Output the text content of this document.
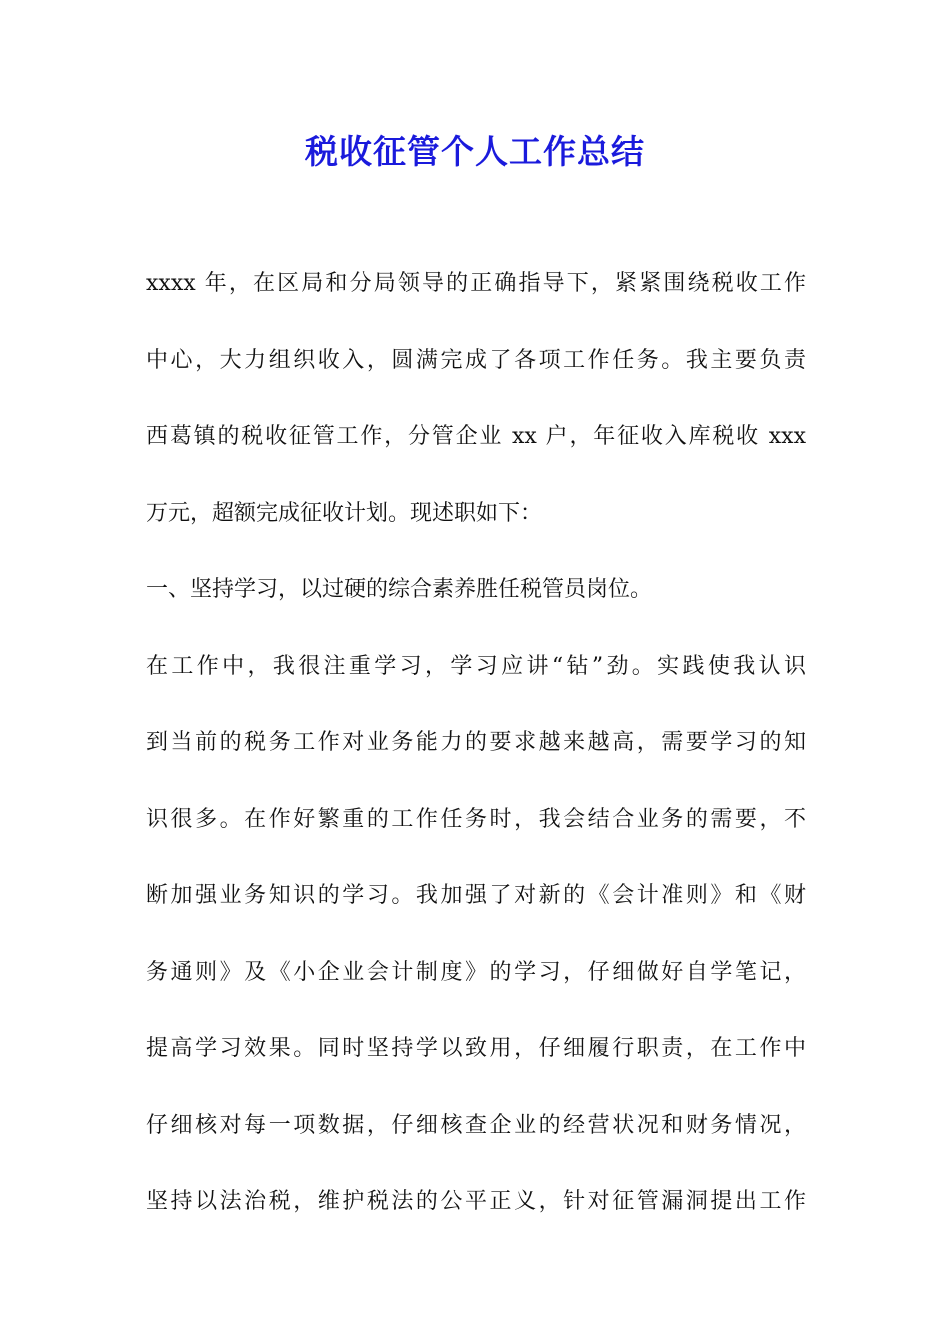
税收征管个人工作总结
xxxx 年，在区局和分局领导的正确指导下，紧紧围绕税收工作
中心，大力组织收入，圆满完成了各项工作任务。我主要负责
西葛镇的税收征管工作，分管企业 xx 户，年征收入库税收 xxx
万元，超额完成征收计划。现述职如下：
一、坚持学习，以过硬的综合素养胜任税管员岗位。
在工作中，我很注重学习，学习应讲“钻”劲。实践使我认识
到当前的税务工作对业务能力的要求越来越高，需要学习的知
识很多。在作好繁重的工作任务时，我会结合业务的需要，不
断加强业务知识的学习。我加强了对新的《会计准则》和《财
务通则》及《小企业会计制度》的学习，仔细做好自学笔记，
提高学习效果。同时坚持学以致用，仔细履行职责，在工作中
仔细核对每一项数据，仔细核查企业的经营状况和财务情况，
坚持以法治税，维护税法的公平正义，针对征管漏洞提出工作
